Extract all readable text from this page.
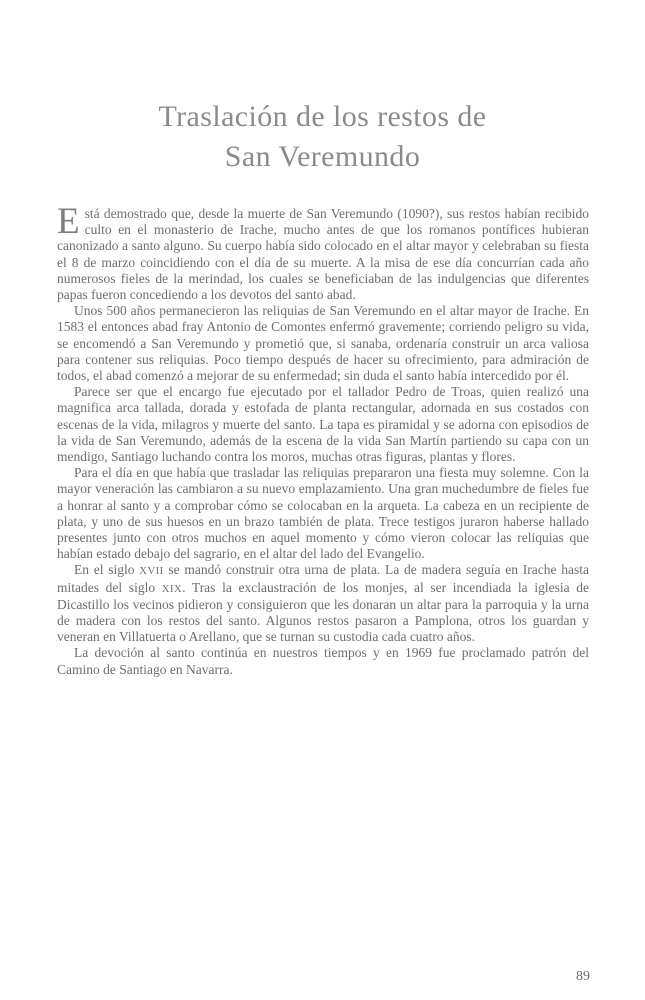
Traslación de los restos de
San Veremundo

Está demostrado que, desde la muerte de San Veremundo (1090?), sus restos habían recibido culto en el monasterio de Irache, mucho antes de que los romanos pontífices hubieran canonizado a santo alguno. Su cuerpo había sido colocado en el altar mayor y celebraban su fiesta el 8 de marzo coincidiendo con el día de su muerte. A la misa de ese día concurrían cada año numerosos fieles de la merindad, los cuales se beneficiaban de las indulgencias que diferentes papas fueron concediendo a los devotos del santo abad.

Unos 500 años permanecieron las reliquias de San Veremundo en el altar mayor de Irache. En 1583 el entonces abad fray Antonio de Comontes enfermó gravemente; corriendo peligro su vida, se encomendó a San Veremundo y prometió que, si sanaba, ordenaría construir un arca valiosa para contener sus reliquias. Poco tiempo después de hacer su ofrecimiento, para admiración de todos, el abad comenzó a mejorar de su enfermedad; sin duda el santo había intercedido por él.

Parece ser que el encargo fue ejecutado por el tallador Pedro de Troas, quien realizó una magnifica arca tallada, dorada y estofada de planta rectangular, adornada en sus costados con escenas de la vida, milagros y muerte del santo. La tapa es piramidal y se adorna con episodios de la vida de San Veremundo, además de la escena de la vida San Martín partiendo su capa con un mendigo, Santiago luchando contra los moros, muchas otras figuras, plantas y flores.

Para el día en que había que trasladar las reliquias prepararon una fiesta muy solemne. Con la mayor veneración las cambiaron a su nuevo emplazamiento. Una gran muchedumbre de fieles fue a honrar al santo y a comprobar cómo se colocaban en la arqueta. La cabeza en un recipiente de plata, y uno de sus huesos en un brazo también de plata. Trece testigos juraron haberse hallado presentes junto con otros muchos en aquel momento y cómo vieron colocar las reliquias que habían estado debajo del sagrario, en el altar del lado del Evangelio.

En el siglo XVII se mandó construir otra urna de plata. La de madera seguía en Irache hasta mitades del siglo XIX. Tras la exclaustración de los monjes, al ser incendiada la iglesia de Dicastillo los vecinos pidieron y consiguieron que les donaran un altar para la parroquia y la urna de madera con los restos del santo. Algunos restos pasaron a Pamplona, otros los guardan y veneran en Villatuerta o Arellano, que se turnan su custodia cada cuatro años.

La devoción al santo continúa en nuestros tiempos y en 1969 fue proclamado patrón del Camino de Santiago en Navarra.

89
